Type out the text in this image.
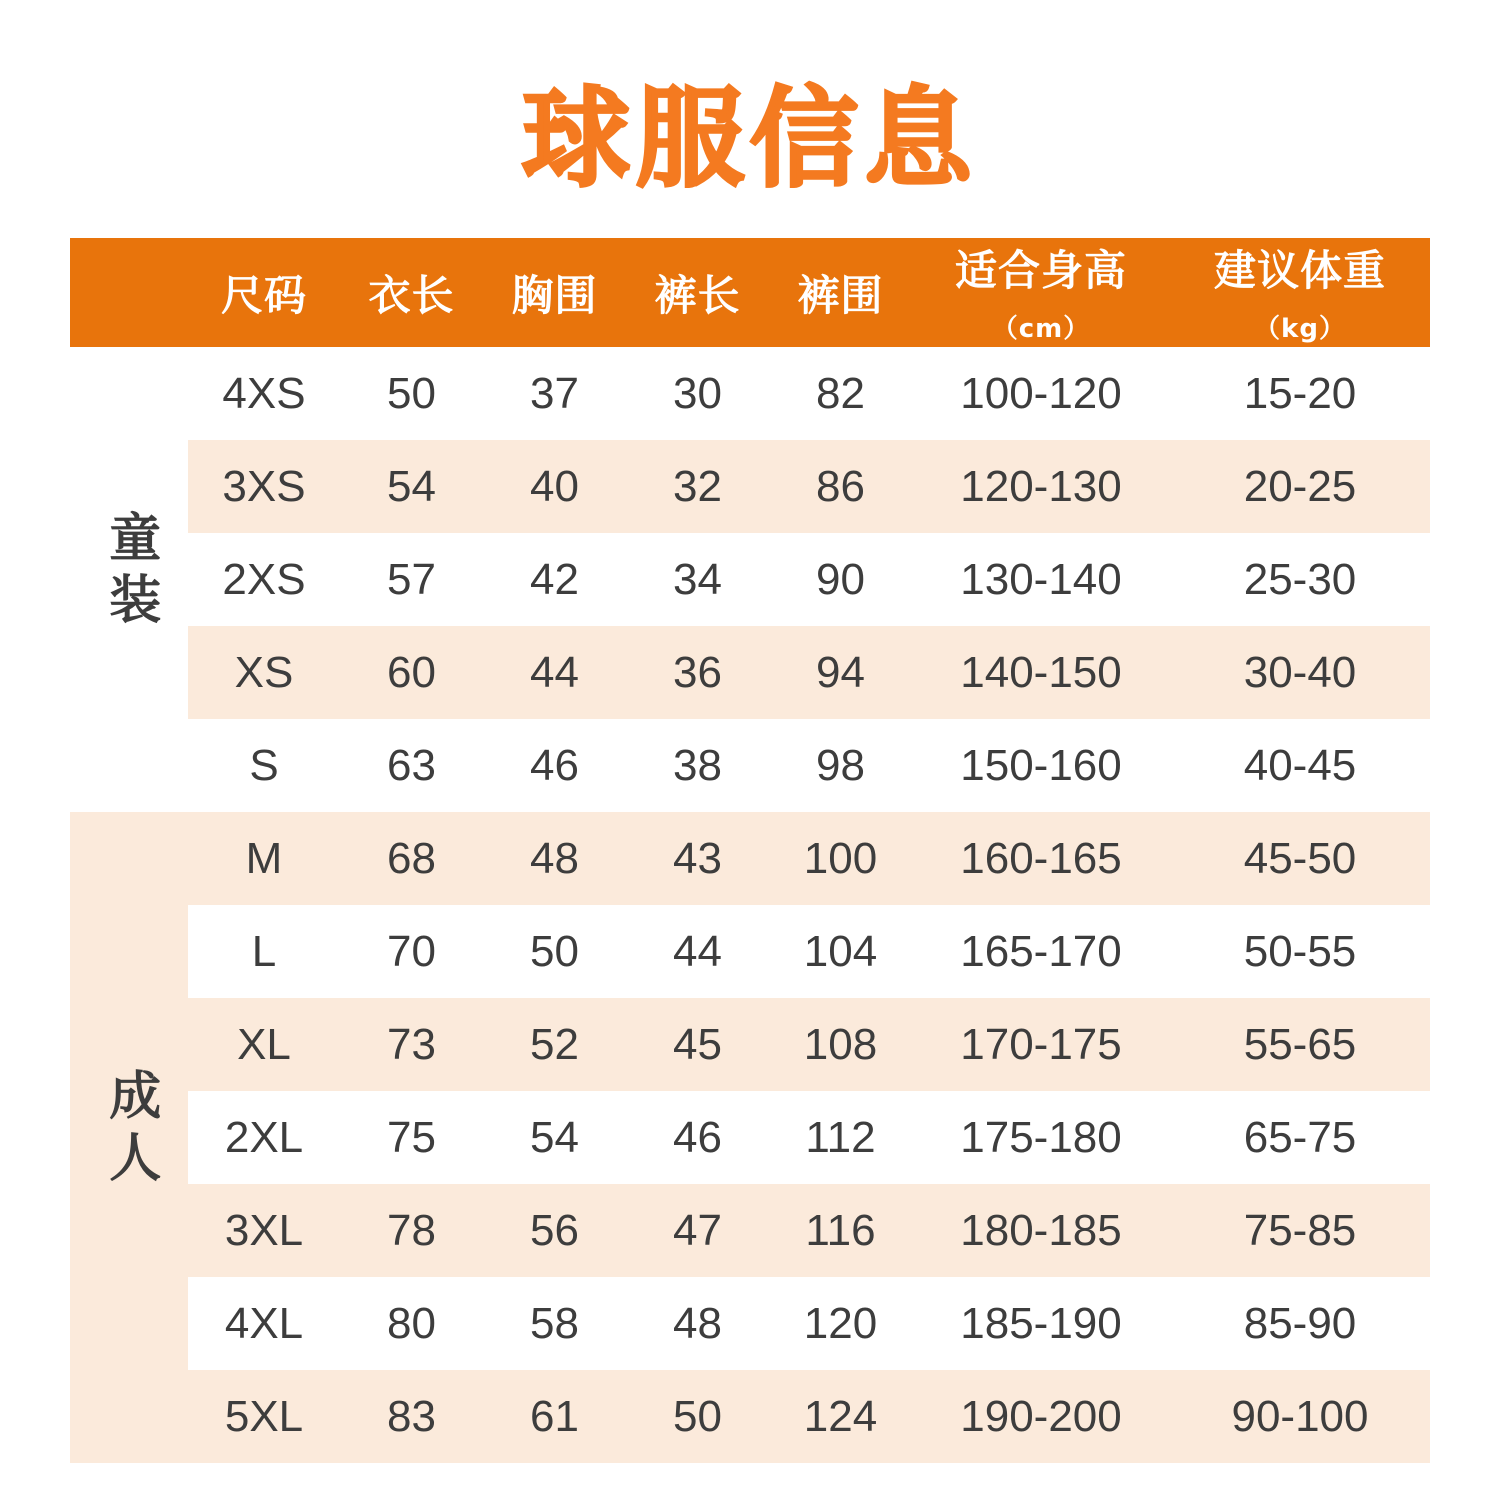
球服信息
	尺码	衣长	胸围	裤长	裤围	适合身高（cm）	建议体重（kg）
童装	4XS	50	37	30	82	100-120	15-20
	3XS	54	40	32	86	120-130	20-25
	2XS	57	42	34	90	130-140	25-30
	XS	60	44	36	94	140-150	30-40
	S	63	46	38	98	150-160	40-45
成人	M	68	48	43	100	160-165	45-50
	L	70	50	44	104	165-170	50-55
	XL	73	52	45	108	170-175	55-65
	2XL	75	54	46	112	175-180	65-75
	3XL	78	56	47	116	180-185	75-85
	4XL	80	58	48	120	185-190	85-90
	5XL	83	61	50	124	190-200	90-100
